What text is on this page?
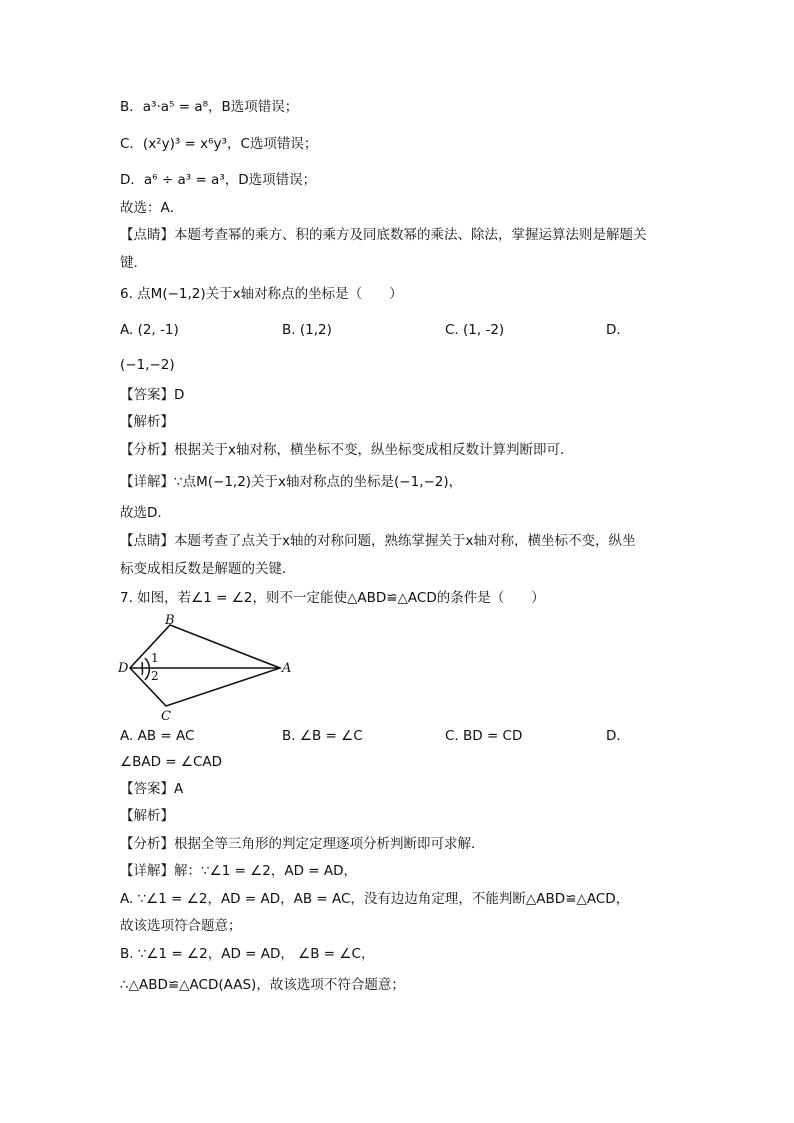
B．a³·a⁵ = a⁸，B选项错误；
C．(x²y)³ = x⁶y³，C选项错误；
D．a⁶ ÷ a³ = a³，D选项错误；
故选：A．
【点睛】本题考查幂的乘方、积的乘方及同底数幂的乘法、除法，掌握运算法则是解题关
键．
6. 点M(−1,2)关于x轴对称点的坐标是（　　）
A. (2, -1)	B. (1,2)	C. (1, -2)	D.
(−1,−2)
【答案】D
【解析】
【分析】根据关于x轴对称，横坐标不变，纵坐标变成相反数计算判断即可．
【详解】∵点M(−1,2)关于x轴对称点的坐标是(−1,−2)，
故选D．
【点睛】本题考查了点关于x轴的对称问题，熟练掌握关于x轴对称，横坐标不变，纵坐
标变成相反数是解题的关键．
7. 如图，若∠1 = ∠2，则不一定能使△ABD≌△ACD的条件是（　　）
B
C
D	A
1
2
A. AB = AC	B. ∠B = ∠C	C. BD = CD	D.
∠BAD = ∠CAD
【答案】A
【解析】
【分析】根据全等三角形的判定定理逐项分析判断即可求解．
【详解】解：∵∠1 = ∠2，AD = AD，
A. ∵∠1 = ∠2，AD = AD，AB = AC，没有边边角定理，不能判断△ABD≌△ACD，
故该选项符合题意；
B. ∵∠1 = ∠2，AD = AD， ∠B = ∠C，
∴△ABD≌△ACD(AAS)，故该选项不符合题意；
